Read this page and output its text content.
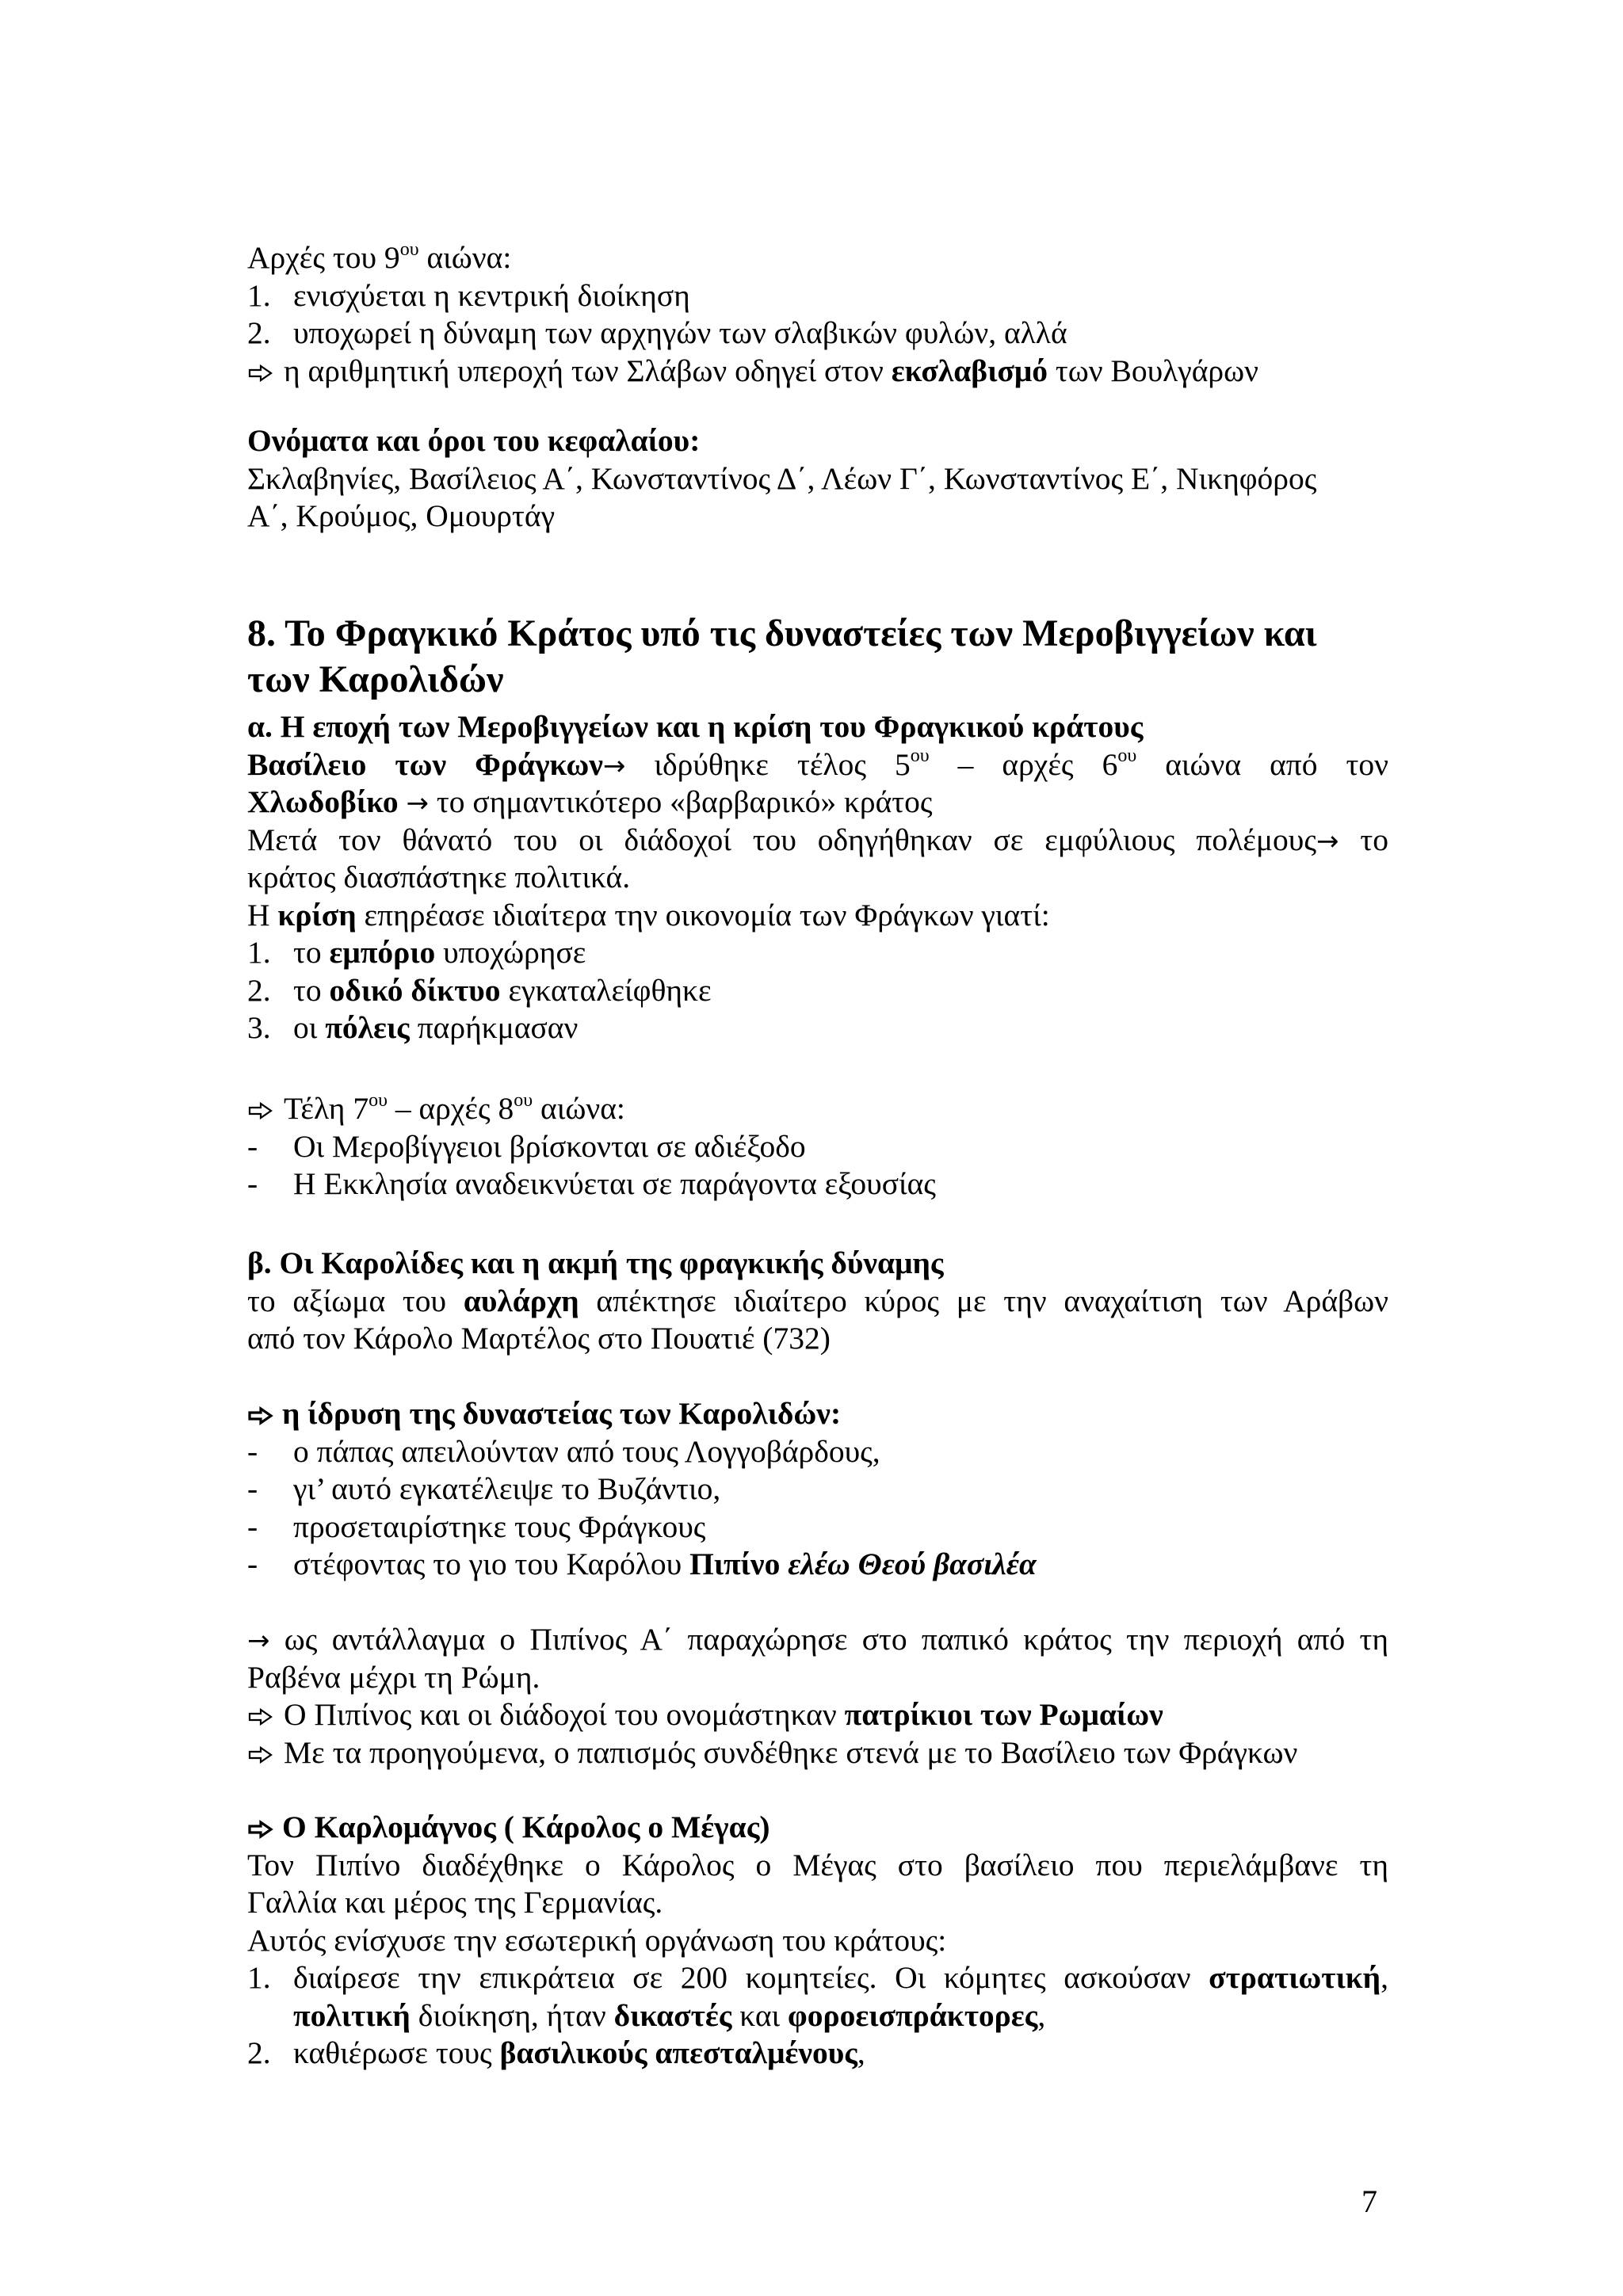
Αρχές του $9^{o\upsilon}$ αιώνα:
1. ενισχύεται η κεντρική διοίκηση
2. υποχωρεί η δύναμη των αρχηγών των σλαβικών φυλών, αλλά
η αριθμητική υπεροχή των Σλάβων οδηγεί στον εκσλαβισμό των Βουλγάρων
Ονόματα και όροι του κεφαλαίου:
Σκλαβηνίες, Βασίλειος Α΄, Κωνσταντίνος Δ΄, Λέων Γ΄, Κωνσταντίνος Ε΄, Νικηφόρος
Α΄, Κρούμος, Ομουρτάγ
8. Το Φραγκικό Κράτος υπό τις δυναστείες των Μεροβιγγείων και
των Καρολιδών
α. Η εποχή των Μεροβιγγείων και η κρίση του Φραγκικού κράτους
Βασίλειο των Φράγκων→ ιδρύθηκε τέλος $5^{o\upsilon}$ – αρχές $6^{o\upsilon}$ αιώνα από τον
Χλωδοβίκο → το σημαντικότερο «βαρβαρικό» κράτος
Μετά τον θάνατό του οι διάδοχοί του οδηγήθηκαν σε εμφύλιους πολέμους→ το
κράτος διασπάστηκε πολιτικά.
Η κρίση επηρέασε ιδιαίτερα την οικονομία των Φράγκων γιατί:
1. το εμπόριο υποχώρησε
2. το οδικό δίκτυο εγκαταλείφθηκε
3. οι πόλεις παρήκμασαν
Τέλη $7^{o\upsilon}$ – αρχές $8^{o\upsilon}$ αιώνα:
- Οι Μεροβίγγειοι βρίσκονται σε αδιέξοδο
- Η Εκκλησία αναδεικνύεται σε παράγοντα εξουσίας
β. Οι Καρολίδες και η ακμή της φραγκικής δύναμης
το αξίωμα του αυλάρχη απέκτησε ιδιαίτερο κύρος με την αναχαίτιση των Αράβων
από τον Κάρολο Μαρτέλος στο Πουατιέ (732)
η ίδρυση της δυναστείας των Καρολιδών:
- ο πάπας απειλούνταν από τους Λογγοβάρδους,
- γι’ αυτό εγκατέλειψε το Βυζάντιο,
- προσεταιρίστηκε τους Φράγκους
- στέφοντας το γιο του Καρόλου Πιπίνο ελέω Θεού βασιλέα
→ ως αντάλλαγμα ο Πιπίνος Α΄ παραχώρησε στο παπικό κράτος την περιοχή από τη
Ραβένα μέχρι τη Ρώμη.
Ο Πιπίνος και οι διάδοχοί του ονομάστηκαν πατρίκιοι των Ρωμαίων
Με τα προηγούμενα, ο παπισμός συνδέθηκε στενά με το Βασίλειο των Φράγκων
Ο Καρλομάγνος ( Κάρολος ο Μέγας)
Τον Πιπίνο διαδέχθηκε ο Κάρολος ο Μέγας στο βασίλειο που περιελάμβανε τη
Γαλλία και μέρος της Γερμανίας.
Αυτός ενίσχυσε την εσωτερική οργάνωση του κράτους:
1. διαίρεσε την επικράτεια σε 200 κομητείες. Οι κόμητες ασκούσαν στρατιωτική,
πολιτική διοίκηση, ήταν δικαστές και φοροεισπράκτορες,
2. καθιέρωσε τους βασιλικούς απεσταλμένους,
7
